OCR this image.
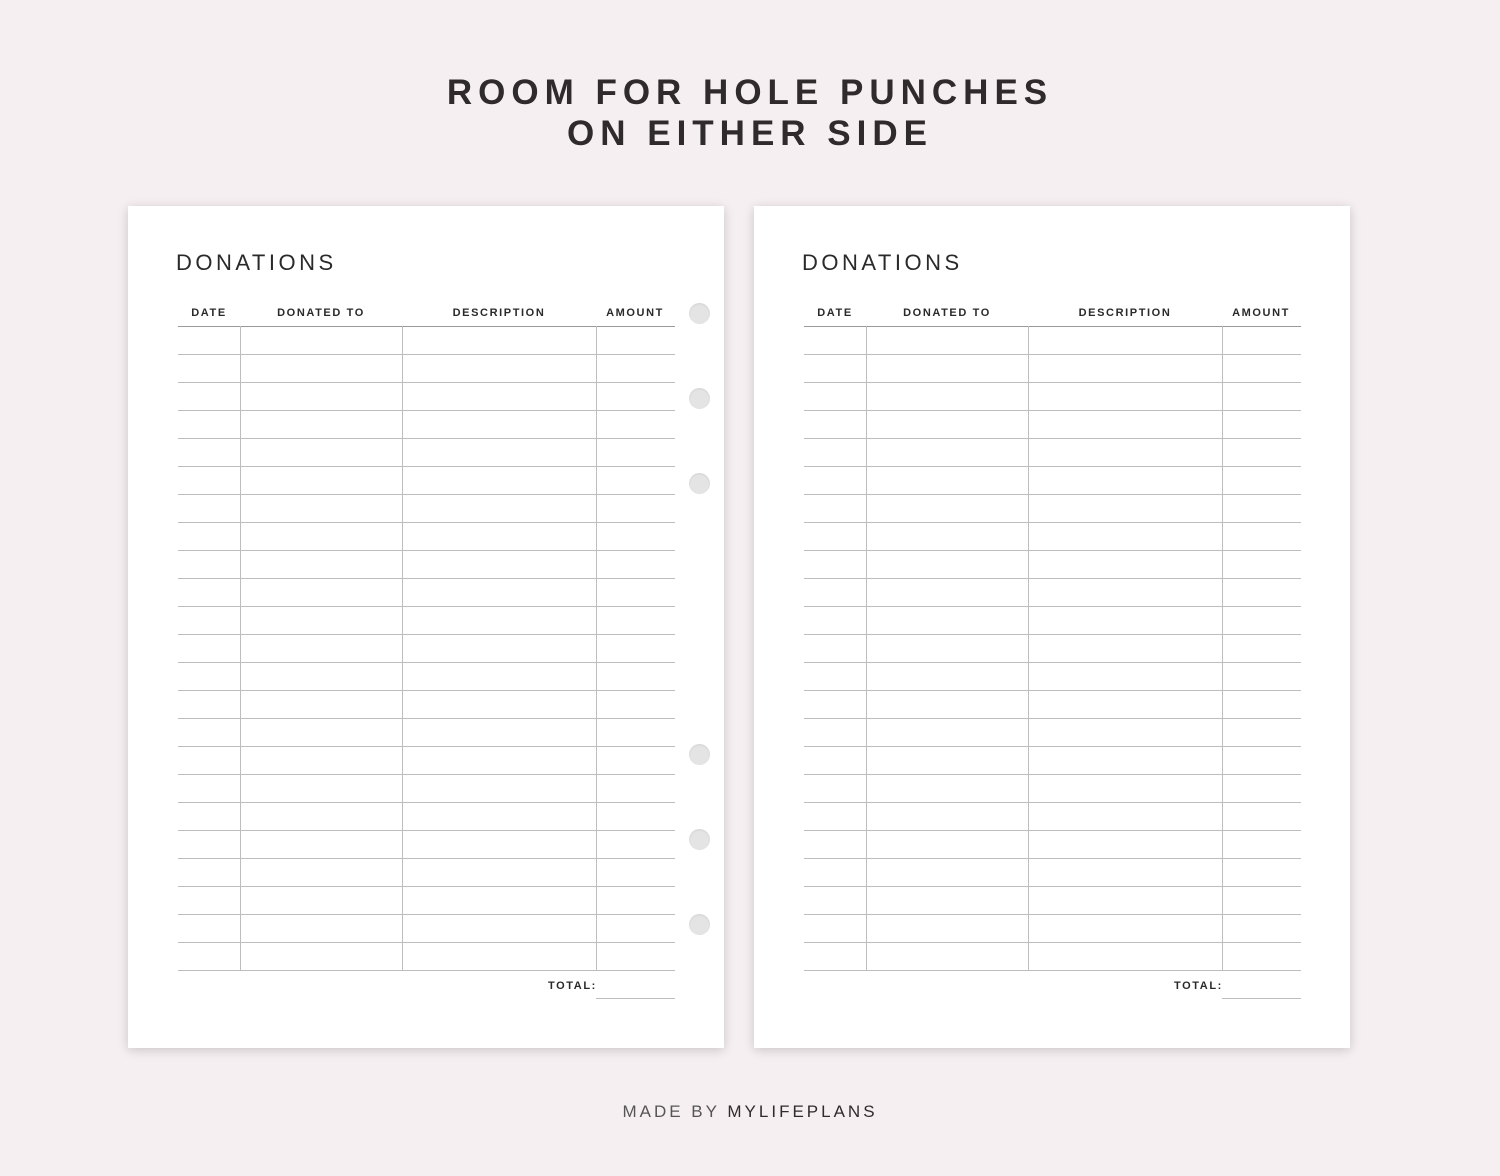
ROOM FOR HOLE PUNCHES
ON EITHER SIDE
DONATIONS
DATE	DONATED TO	DESCRIPTION	AMOUNT
TOTAL:
DONATIONS
DATE	DONATED TO	DESCRIPTION	AMOUNT
TOTAL:
MADE BY MYLIFEPLANS
